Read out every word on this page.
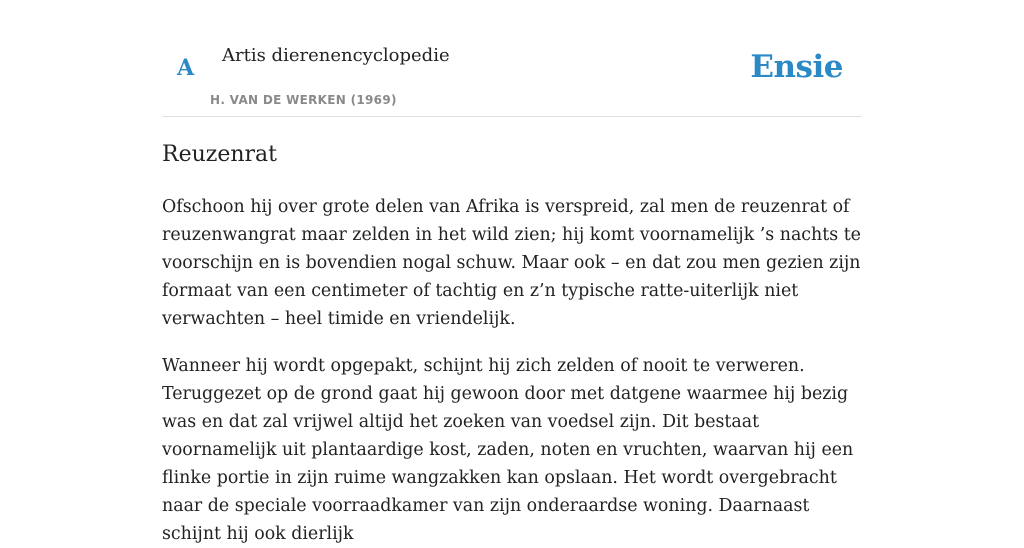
A Artis dierenencyclopedie
H. VAN DE WERKEN (1969)
Ensie
Reuzenrat

Ofschoon hij over grote delen van Afrika is verspreid, zal men de reuzenrat of reuzenwangrat maar zelden in het wild zien; hij komt voornamelijk ’s nachts te voorschijn en is bovendien nogal schuw. Maar ook – en dat zou men gezien zijn formaat van een centimeter of tachtig en z’n typische ratte-uiterlijk niet verwachten – heel timide en vriendelijk.

Wanneer hij wordt opgepakt, schijnt hij zich zelden of nooit te verweren. Teruggezet op de grond gaat hij gewoon door met datgene waarmee hij bezig was en dat zal vrijwel altijd het zoeken van voedsel zijn. Dit bestaat voornamelijk uit plantaardige kost, zaden, noten en vruchten, waarvan hij een flinke portie in zijn ruime wangzakken kan opslaan. Het wordt overgebracht naar de speciale voorraadkamer van zijn onderaardse woning. Daarnaast schijnt hij ook dierlijk
